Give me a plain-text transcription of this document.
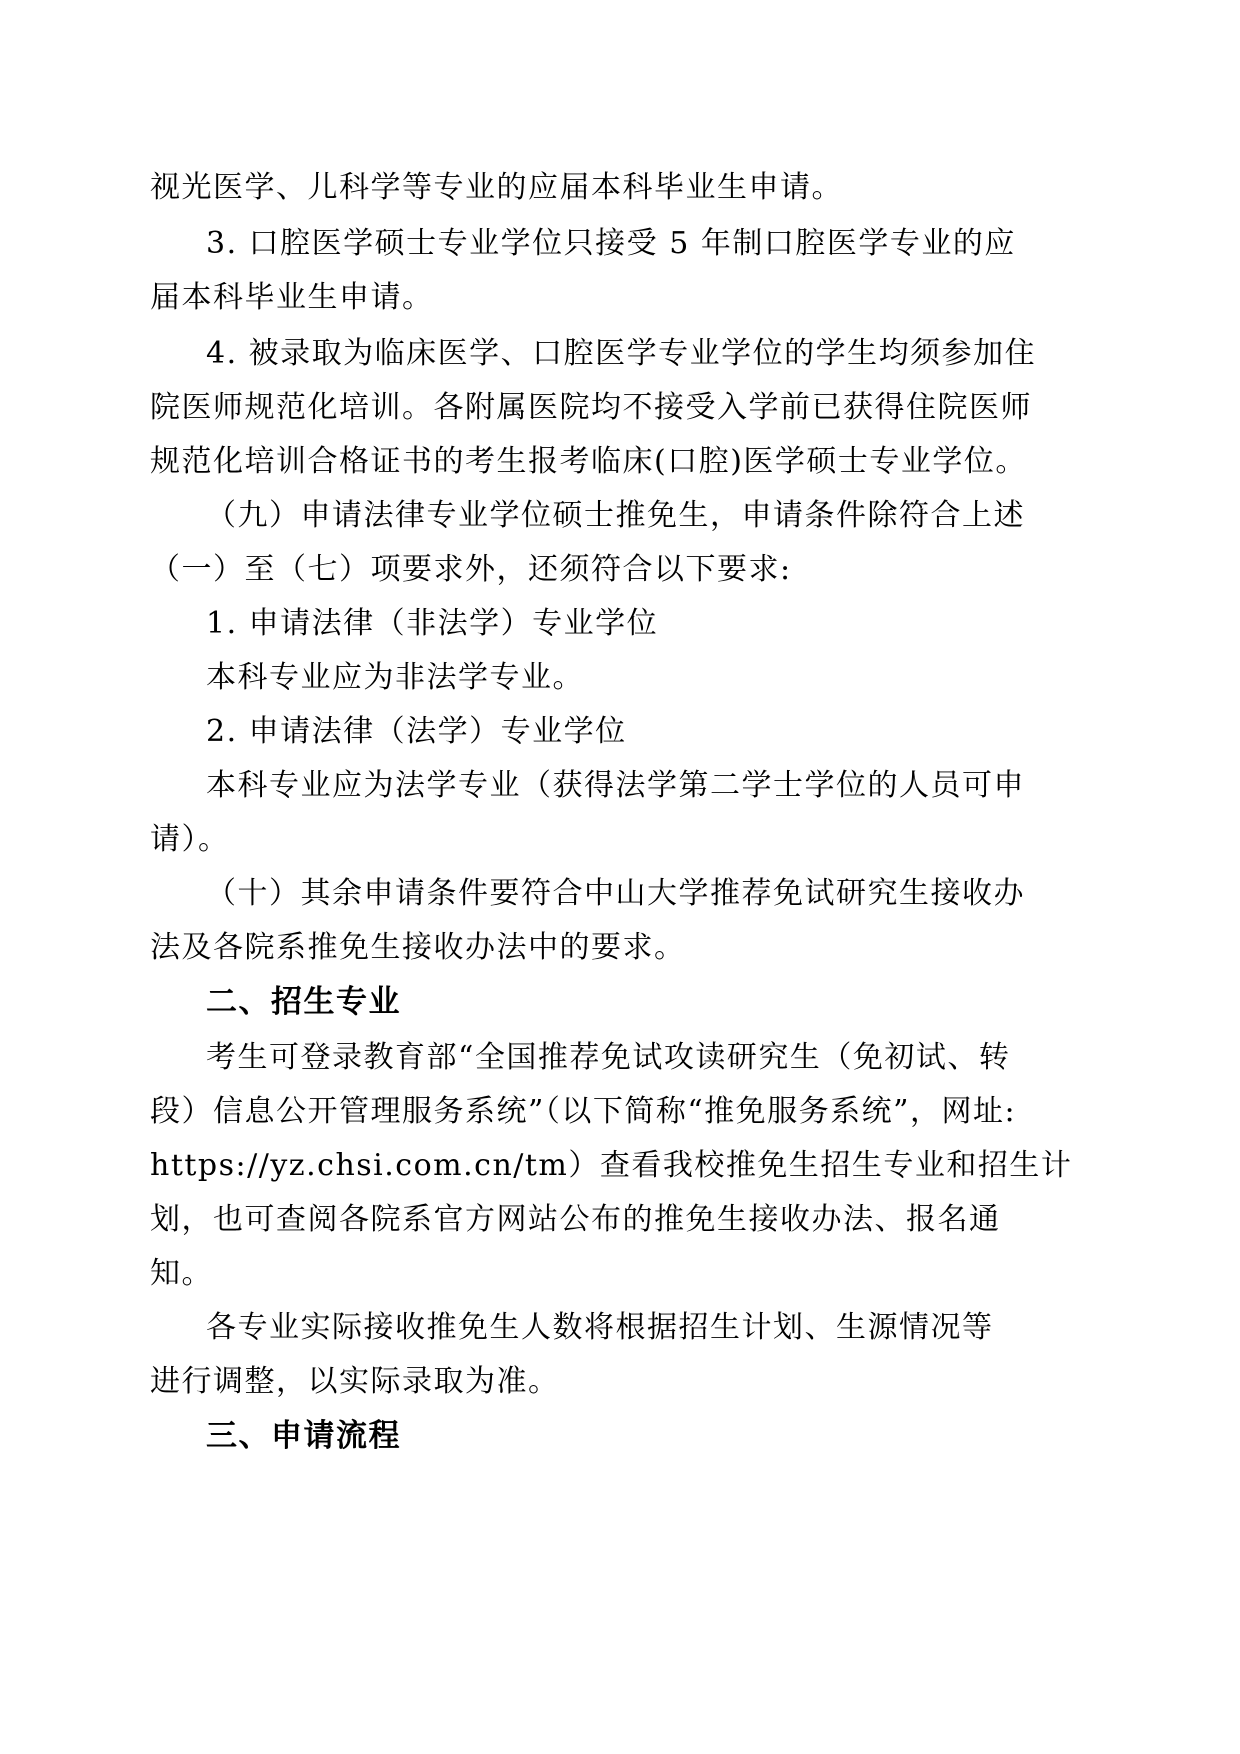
视光医学、儿科学等专业的应届本科毕业生申请。
3. 口腔医学硕士专业学位只接受 5 年制口腔医学专业的应
届本科毕业生申请。
4. 被录取为临床医学、口腔医学专业学位的学生均须参加住
院医师规范化培训。各附属医院均不接受入学前已获得住院医师
规范化培训合格证书的考生报考临床(口腔)医学硕士专业学位。
（九）申请法律专业学位硕士推免生，申请条件除符合上述
（一）至（七）项要求外，还须符合以下要求:
1. 申请法律（非法学）专业学位
本科专业应为非法学专业。
2. 申请法律（法学）专业学位
本科专业应为法学专业（获得法学第二学士学位的人员可申
请）。
（十）其余申请条件要符合中山大学推荐免试研究生接收办
法及各院系推免生接收办法中的要求。
二、招生专业
考生可登录教育部“全国推荐免试攻读研究生（免初试、转
段）信息公开管理服务系统”（以下简称“推免服务系统”，网址:
https://yz.chsi.com.cn/tm）查看我校推免生招生专业和招生计
划，也可查阅各院系官方网站公布的推免生接收办法、报名通
知。
各专业实际接收推免生人数将根据招生计划、生源情况等
进行调整，以实际录取为准。
三、申请流程
